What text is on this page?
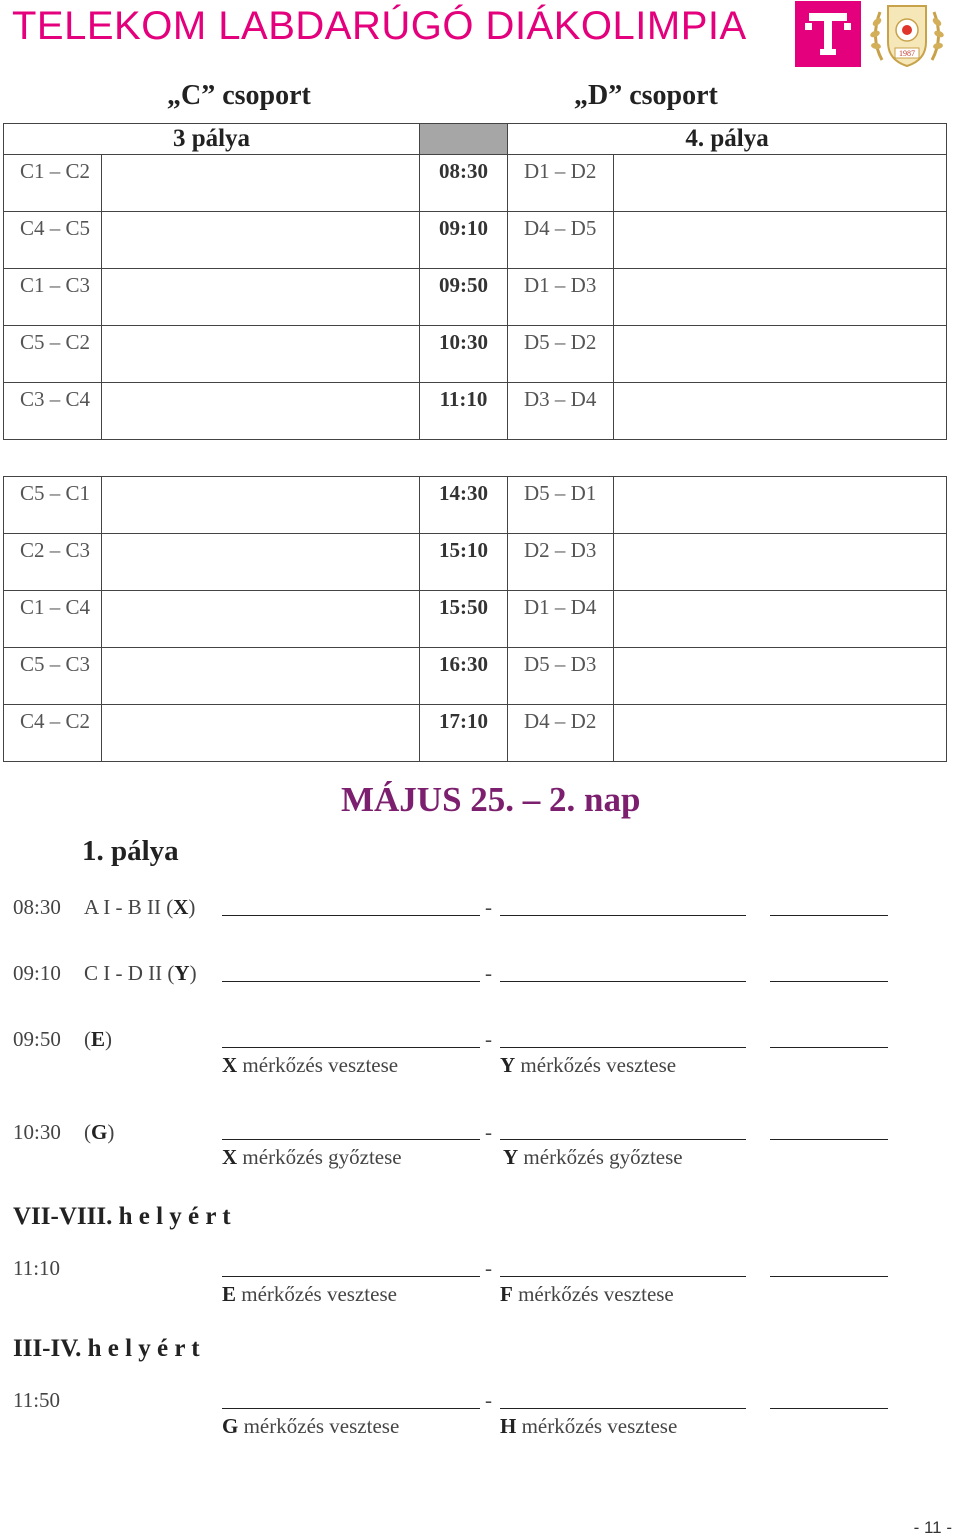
TELEKOM LABDARÚGÓ DIÁKOLIMPIA
1987
„C” csoport	„D” csoport
3 pálya			4. pálya	

C1 – C2		08:30	D1 – D2	

C4 – C5		09:10	D4 – D5	

C1 – C3		09:50	D1 – D3	

C5 – C2		10:30	D5 – D2	

C3 – C4		11:10	D3 – D4	

C5 – C1		14:30	D5 – D1	

C2 – C3		15:10	D2 – D3	

C1 – C4		15:50	D1 – D4	

C5 – C3		16:30	D5 – D3	

C4 – C2		17:10	D4 – D2	

MÁJUS 25. – 2. nap
1. pálya
08:30 A I - B II (X)	-
09:10 C I - D II (Y)	-
09:50 (E)	-
X mérkőzés vesztese	Y mérkőzés vesztese
10:30 (G)	-
X mérkőzés győztese	Y mérkőzés győztese
VII-VIII. h e l y é r t
11:10	-
E mérkőzés vesztese	F mérkőzés vesztese
III-IV. h e l y é r t
11:50	-
G mérkőzés vesztese	H mérkőzés vesztese
- 11 -
